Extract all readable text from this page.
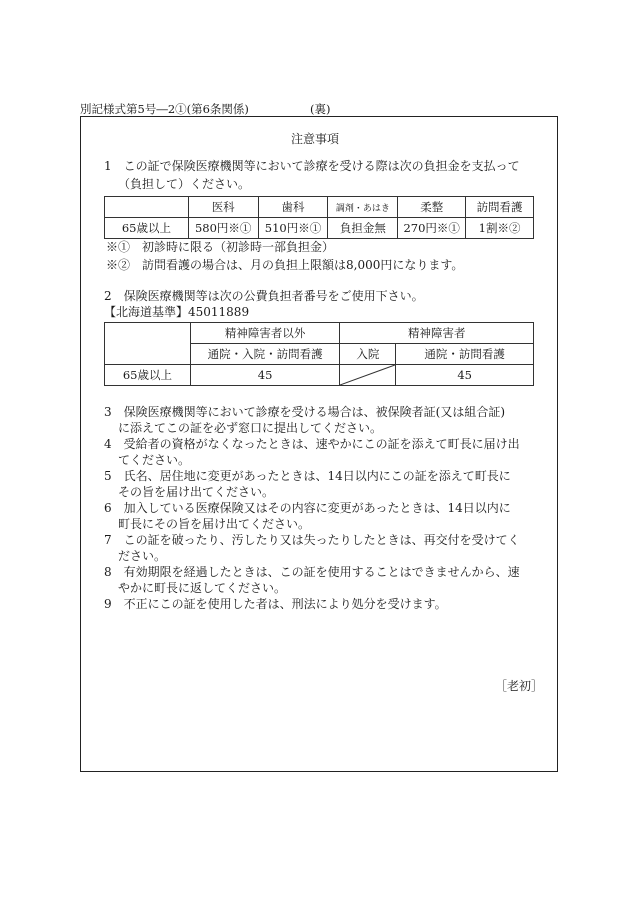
別記様式第5号―2①(第6条関係)	(裏)
注意事項
1　この証で保険医療機関等において診療を受ける際は次の負担金を支払って
（負担して）ください。
	医科	歯科	調剤・あはき	柔整	訪問看護
65歳以上	580円※①	510円※①	負担金無	270円※①	1割※②
※①　初診時に限る（初診時一部負担金）
※②　訪問看護の場合は、月の負担上限額は8,000円になります。
2　保険医療機関等は次の公費負担者番号をご使用下さい。
【北海道基準】45011889
	精神障害者以外	精神障害者	
	通院・入院・訪問看護	入院	通院・訪問看護
65歳以上	45		45
3　保険医療機関等において診療を受ける場合は、被保険者証(又は組合証)
に添えてこの証を必ず窓口に提出してください。
4　受給者の資格がなくなったときは、速やかにこの証を添えて町長に届け出
てください。
5　氏名、居住地に変更があったときは、14日以内にこの証を添えて町長に
その旨を届け出てください。
6　加入している医療保険又はその内容に変更があったときは、14日以内に
町長にその旨を届け出てください。
7　この証を破ったり、汚したり又は失ったりしたときは、再交付を受けてく
ださい。
8　有効期限を経過したときは、この証を使用することはできませんから、速
やかに町長に返してください。
9　不正にこの証を使用した者は、刑法により処分を受けます。
［老初］
